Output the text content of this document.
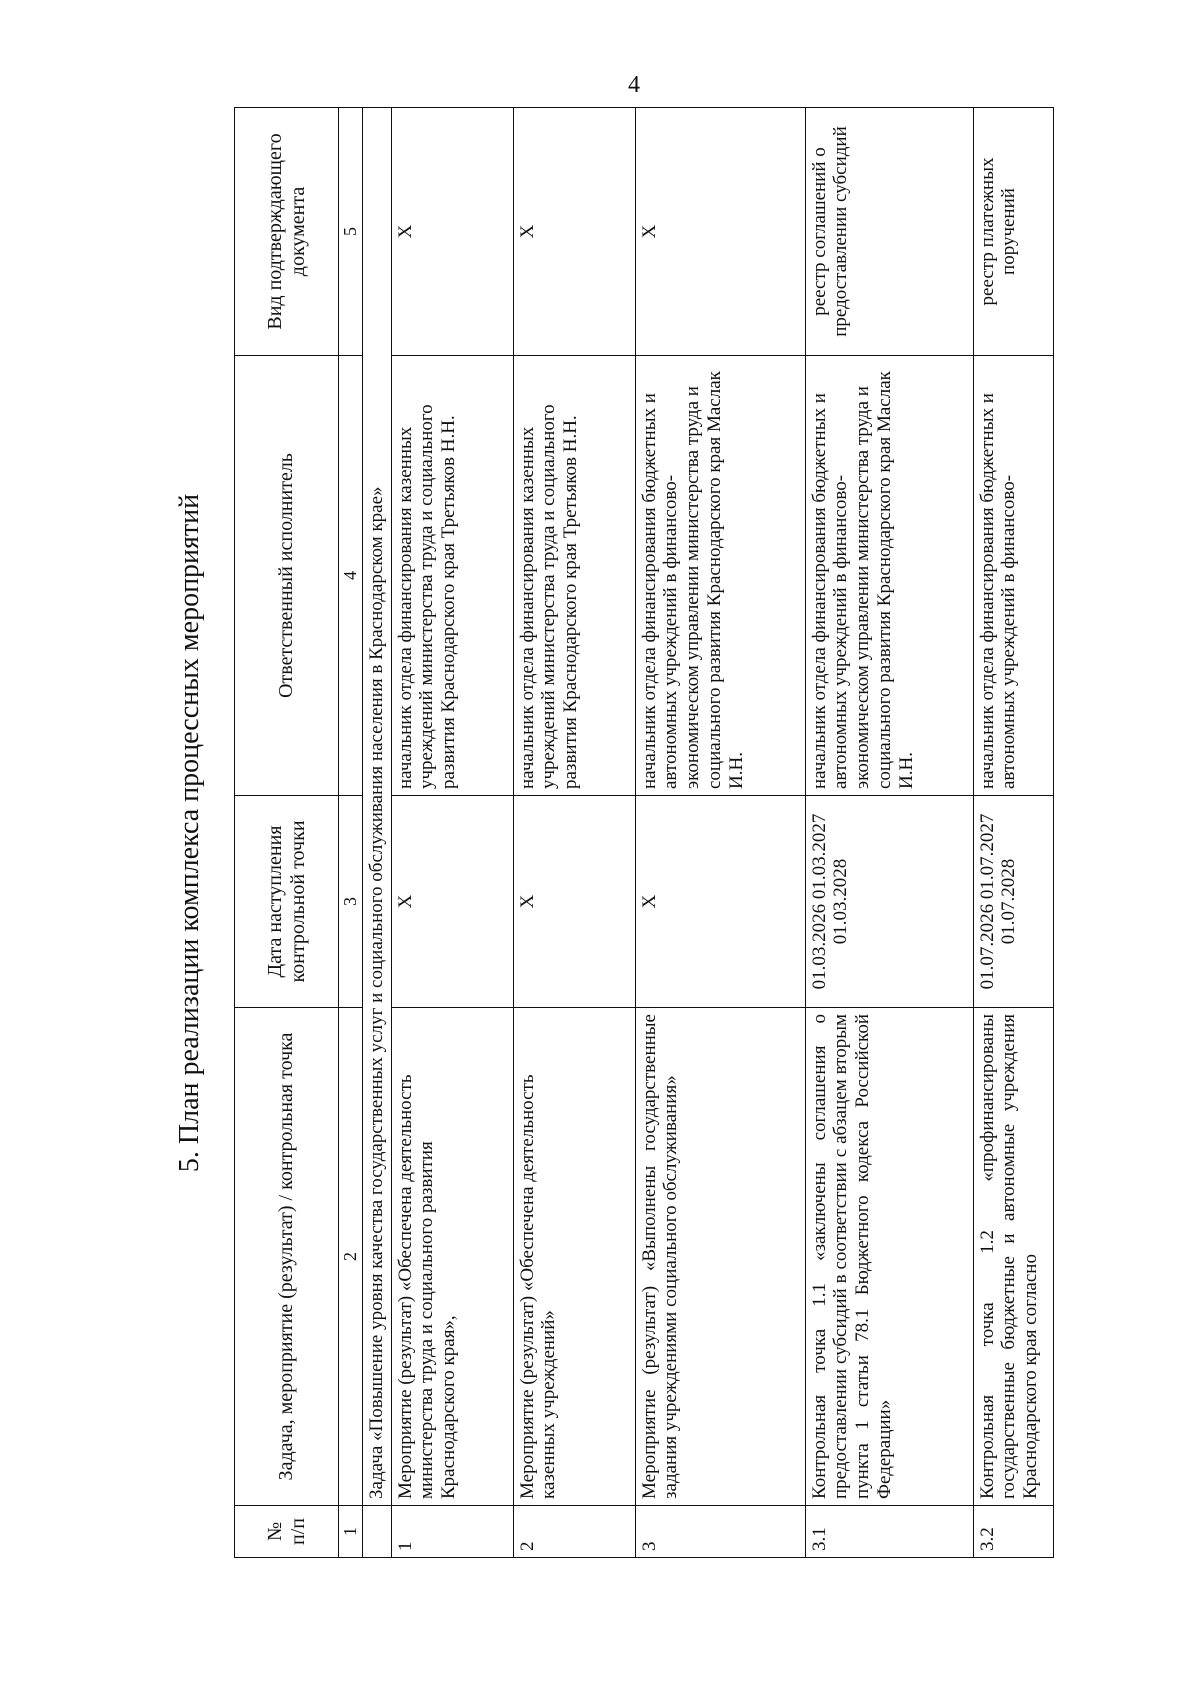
4
5. План реализации комплекса процессных мероприятий
№ п/п	Задача, мероприятие (результат) / контрольная точка	Дата наступления контрольной точки	Ответственный исполнитель	Вид подтверждающего документа
1	2	3	4	5
	Задача «Повышение уровня качества государственных услуг и социального обслуживания населения в Краснодарском крае»			
1	Мероприятие (результат) «Обеспечена деятельность министерства труда и социального развития Краснодарского края»,	Х	начальник отдела финансирования казенных учреждений министерства труда и социального развития Краснодарского края Третьяков Н.Н.	Х
2	Мероприятие (результат) «Обеспечена деятельность казенных учреждений»	Х	начальник отдела финансирования казенных учреждений министерства труда и социального развития Краснодарского края Третьяков Н.Н.	Х
3	Мероприятие (результат) «Выполнены государственные задания учреждениями социального обслуживания»	Х	начальник отдела финансирования бюджетных и автономных учреждений в финансово-экономическом управлении министерства труда и социального развития Краснодарского края Маслак И.Н.	Х
3.1	Контрольная точка 1.1 «заключены соглашения о предоставлении субсидий в соответствии с абзацем вторым пункта 1 статьи 78.1 Бюджетного кодекса Российской Федерации»	01.03.2026 01.03.2027 01.03.2028	начальник отдела финансирования бюджетных и автономных учреждений в финансово-экономическом управлении министерства труда и социального развития Краснодарского края Маслак И.Н.	реестр соглашений о предоставлении субсидий
3.2	Контрольная точка 1.2 «профинансированы государственные бюджетные и автономные учреждения Краснодарского края согласно	01.07.2026 01.07.2027 01.07.2028	начальник отдела финансирования бюджетных и автономных учреждений в финансово-	реестр платежных поручений
